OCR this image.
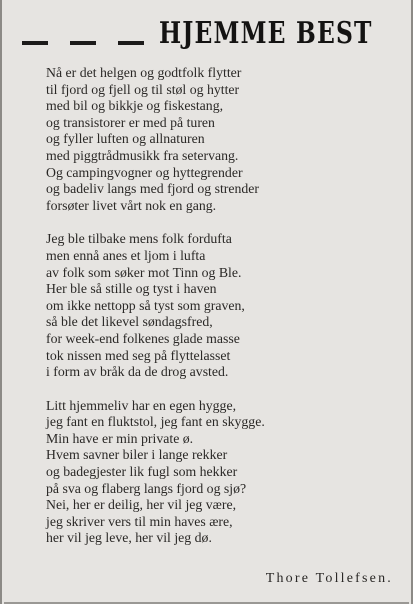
HJEMME BEST
Nå er det helgen og godtfolk flytter
til fjord og fjell og til støl og hytter
med bil og bikkje og fiskestang,
og transistorer er med på turen
og fyller luften og allnaturen
med piggtrådmusikk fra setervang.
Og campingvogner og hyttegrender
og badeliv langs med fjord og strender
forsøter livet vårt nok en gang.
Jeg ble tilbake mens folk fordufta
men ennå anes et ljom i lufta
av folk som søker mot Tinn og Ble.
Her ble så stille og tyst i haven
om ikke nettopp så tyst som graven,
så ble det likevel søndagsfred,
for week-end folkenes glade masse
tok nissen med seg på flyttelasset
i form av bråk da de drog avsted.
Litt hjemmeliv har en egen hygge,
jeg fant en fluktstol, jeg fant en skygge.
Min have er min private ø.
Hvem savner biler i lange rekker
og badegjester lik fugl som hekker
på sva og flaberg langs fjord og sjø?
Nei, her er deilig, her vil jeg være,
jeg skriver vers til min haves ære,
her vil jeg leve, her vil jeg dø.
Thore Tollefsen.
